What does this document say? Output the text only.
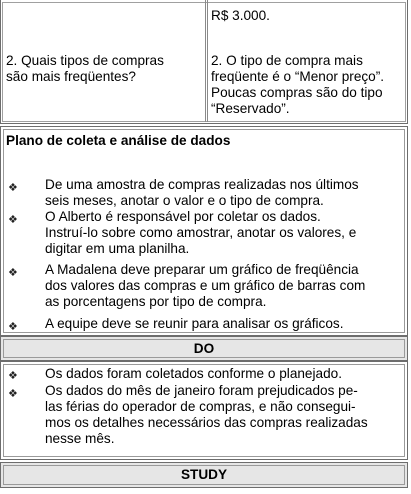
2. Quais tipos de compras
são mais freqüentes?
R$ 3.000.
2. O tipo de compra mais
freqüente é o “Menor preço”.
Poucas compras são do tipo
“Reservado”.
Plano de coleta e análise de dados
❖ De uma amostra de compras realizadas nos últimos
seis meses, anotar o valor e o tipo de compra.
❖ O Alberto é responsável por coletar os dados.
Instruí-lo sobre como amostrar, anotar os valores, e
digitar em uma planilha.
❖ A Madalena deve preparar um gráfico de freqüência
dos valores das compras e um gráfico de barras com
as porcentagens por tipo de compra.
❖ A equipe deve se reunir para analisar os gráficos.
DO
❖ Os dados foram coletados conforme o planejado.
❖ Os dados do mês de janeiro foram prejudicados pe-
las férias do operador de compras, e não consegui-
mos os detalhes necessários das compras realizadas
nesse mês.
STUDY
